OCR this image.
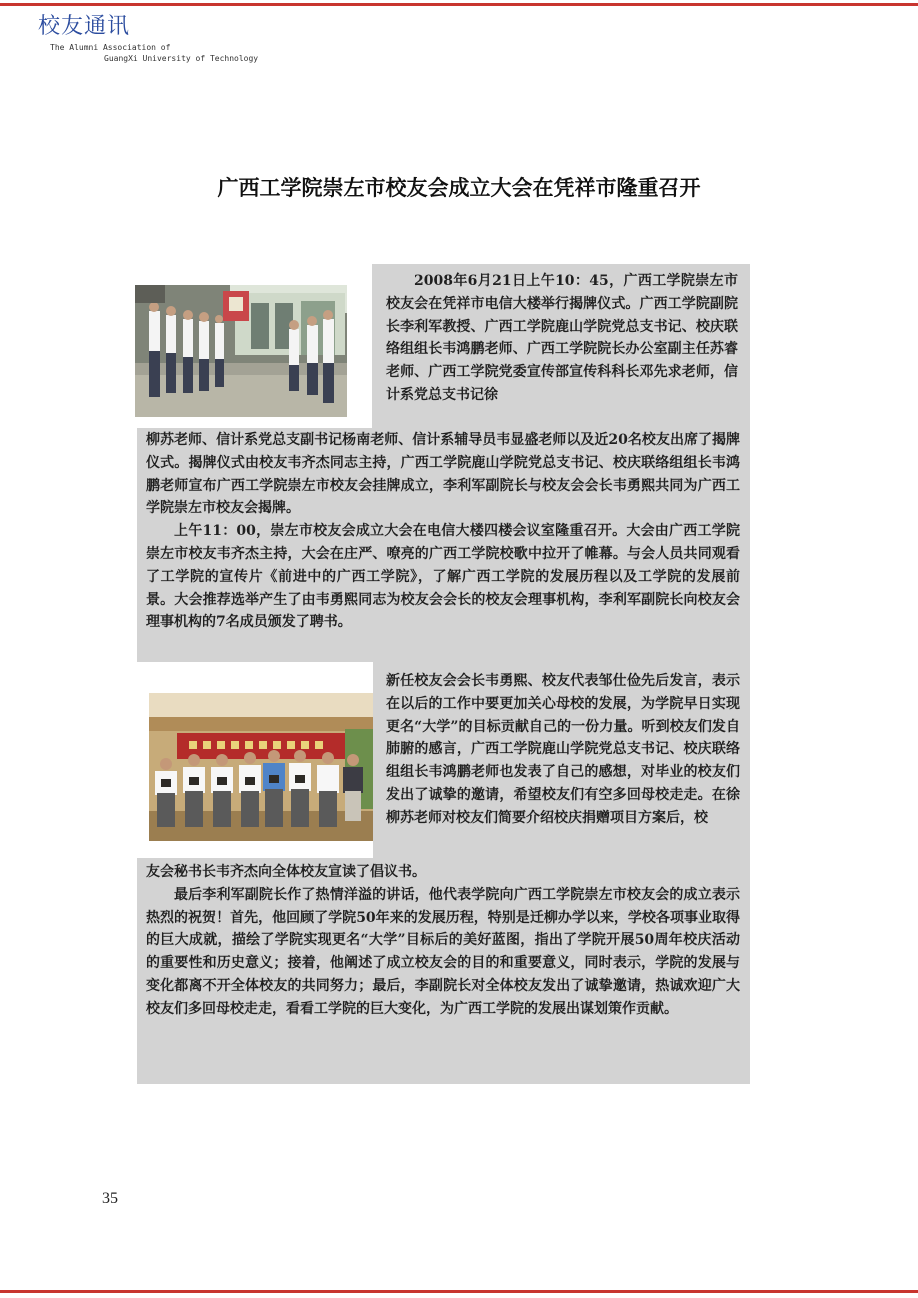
校友通讯
The Alumni Association of
GuangXi University of Technology
广西工学院崇左市校友会成立大会在凭祥市隆重召开

2008年6月21日上午10：45，广西工学院崇左市校友会在凭祥市电信大楼举行揭牌仪式。广西工学院副院长李利军教授、广西工学院鹿山学院党总支书记、校庆联络组组长韦鸿鹏老师、广西工学院院长办公室副主任苏睿老师、广西工学院党委宣传部宣传科科长邓先求老师，信计系党总支书记徐

柳苏老师、信计系党总支副书记杨南老师、信计系辅导员韦显盛老师以及近20名校友出席了揭牌仪式。揭牌仪式由校友韦齐杰同志主持，广西工学院鹿山学院党总支书记、校庆联络组组长韦鸿鹏老师宣布广西工学院崇左市校友会挂牌成立，李利军副院长与校友会会长韦勇熙共同为广西工学院崇左市校友会揭牌。

上午11：00，崇左市校友会成立大会在电信大楼四楼会议室隆重召开。大会由广西工学院崇左市校友韦齐杰主持，大会在庄严、嘹亮的广西工学院校歌中拉开了帷幕。与会人员共同观看了工学院的宣传片《前进中的广西工学院》，了解广西工学院的发展历程以及工学院的发展前景。大会推荐选举产生了由韦勇熙同志为校友会会长的校友会理事机构，李利军副院长向校友会理事机构的7名成员颁发了聘书。

新任校友会会长韦勇熙、校友代表邹仕俭先后发言，表示在以后的工作中要更加关心母校的发展，为学院早日实现更名“大学”的目标贡献自己的一份力量。听到校友们发自肺腑的感言，广西工学院鹿山学院党总支书记、校庆联络组组长韦鸿鹏老师也发表了自己的感想，对毕业的校友们发出了诚挚的邀请，希望校友们有空多回母校走走。在徐柳苏老师对校友们简要介绍校庆捐赠项目方案后，校

友会秘书长韦齐杰向全体校友宣读了倡议书。

最后李利军副院长作了热情洋溢的讲话，他代表学院向广西工学院崇左市校友会的成立表示热烈的祝贺！首先，他回顾了学院50年来的发展历程，特别是迁柳办学以来，学校各项事业取得的巨大成就，描绘了学院实现更名“大学”目标后的美好蓝图，指出了学院开展50周年校庆活动的重要性和历史意义；接着，他阐述了成立校友会的目的和重要意义，同时表示，学院的发展与变化都离不开全体校友的共同努力；最后，李副院长对全体校友发出了诚挚邀请，热诚欢迎广大校友们多回母校走走，看看工学院的巨大变化，为广西工学院的发展出谋划策作贡献。

35
